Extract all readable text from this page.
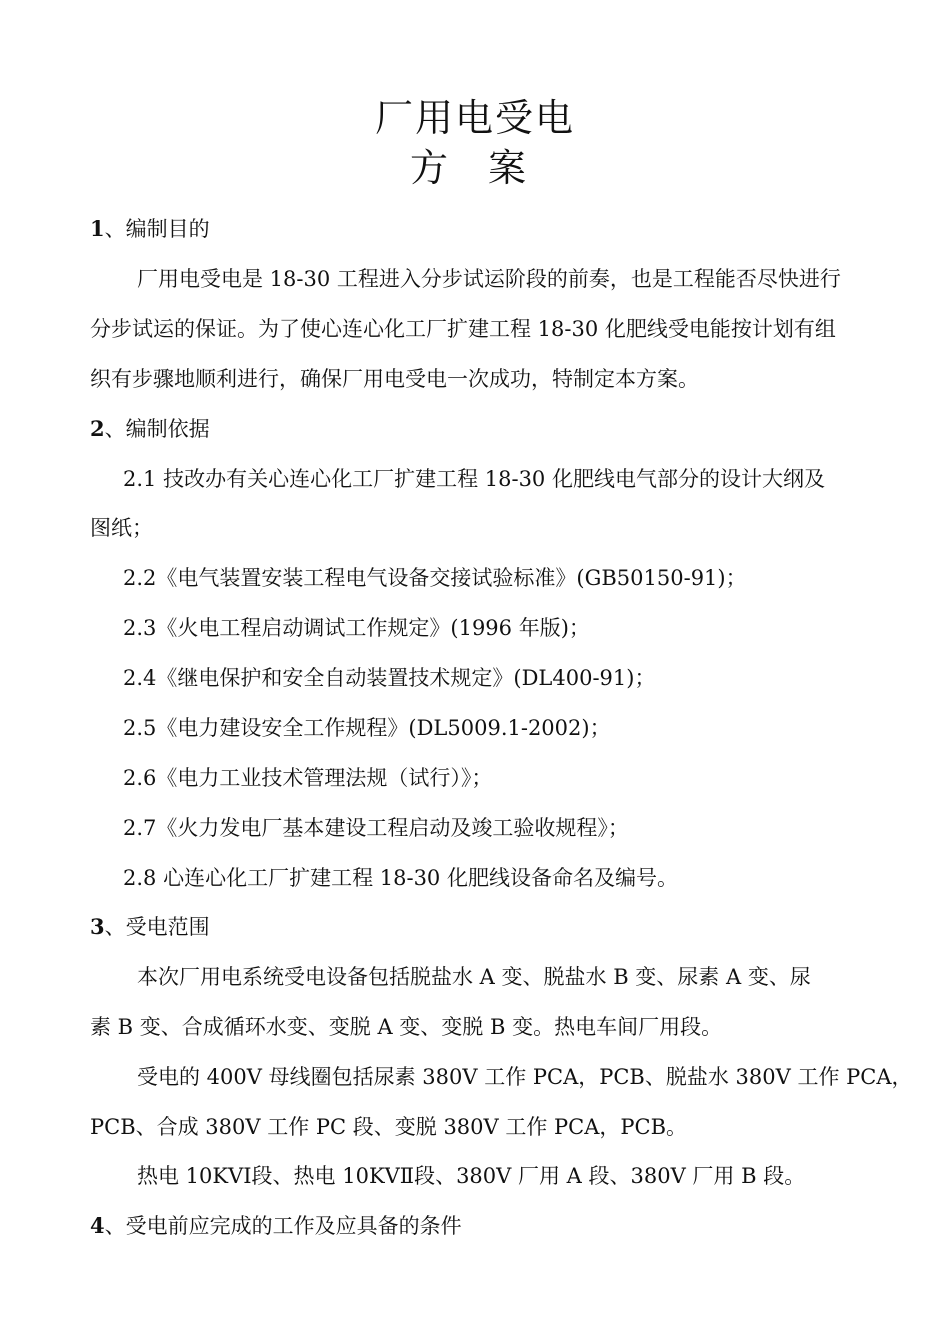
厂用电受电
方 案

1、编制目的

厂用电受电是 18-30 工程进入分步试运阶段的前奏，也是工程能否尽快进行

分步试运的保证。为了使心连心化工厂扩建工程 18-30 化肥线受电能按计划有组

织有步骤地顺利进行，确保厂用电受电一次成功，特制定本方案。

2、编制依据

2.1 技改办有关心连心化工厂扩建工程 18-30 化肥线电气部分的设计大纲及

图纸；

2.2《电气装置安装工程电气设备交接试验标准》(GB50150-91)；

2.3《火电工程启动调试工作规定》(1996 年版)；

2.4《继电保护和安全自动装置技术规定》(DL400-91)；

2.5《电力建设安全工作规程》(DL5009.1-2002)；

2.6《电力工业技术管理法规（试行）》；

2.7《火力发电厂基本建设工程启动及竣工验收规程》；

2.8 心连心化工厂扩建工程 18-30 化肥线设备命名及编号。

3、受电范围

本次厂用电系统受电设备包括脱盐水 A 变、脱盐水 B 变、尿素 A 变、尿

素 B 变、合成循环水变、变脱 A 变、变脱 B 变。热电车间厂用段。

受电的 400V 母线圈包括尿素 380V 工作 PCA，PCB、脱盐水 380V 工作 PCA，

PCB、合成 380V 工作 PC 段、变脱 380V 工作 PCA，PCB。

热电 10KVⅠ段、热电 10KVⅡ段、380V 厂用 A 段、380V 厂用 B 段。

4、受电前应完成的工作及应具备的条件
